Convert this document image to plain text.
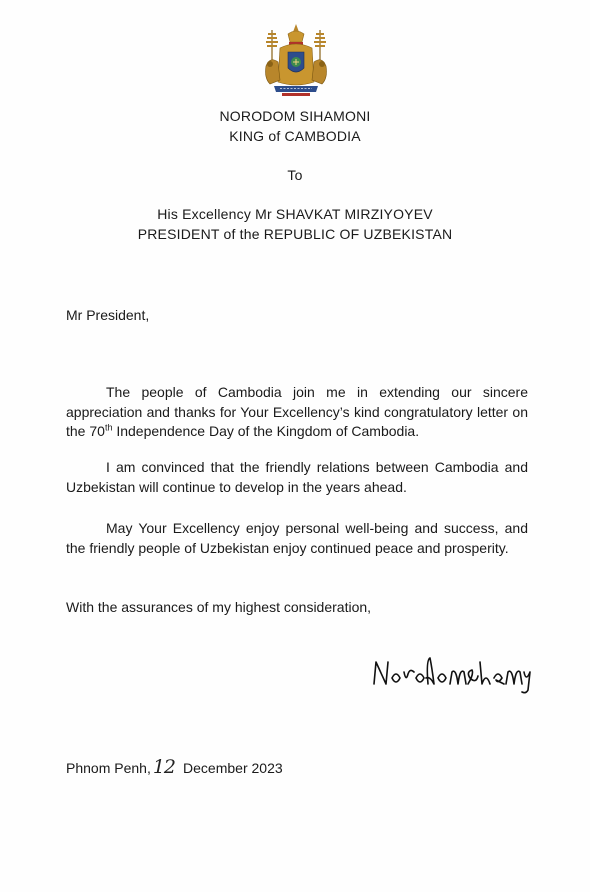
NORODOM SIHAMONI
KING of CAMBODIA
To
His Excellency Mr SHAVKAT MIRZIYOYEV
PRESIDENT of the REPUBLIC OF UZBEKISTAN
Mr President,

The people of Cambodia join me in extending our sincere appreciation and thanks for Your Excellency’s kind congratulatory letter on the 70th Independence Day of the Kingdom of Cambodia.

I am convinced that the friendly relations between Cambodia and Uzbekistan will continue to develop in the years ahead.

May Your Excellency enjoy personal well-being and success, and the friendly people of Uzbekistan enjoy continued peace and prosperity.

With the assurances of my highest consideration,
Phnom Penh, 12 December 2023
